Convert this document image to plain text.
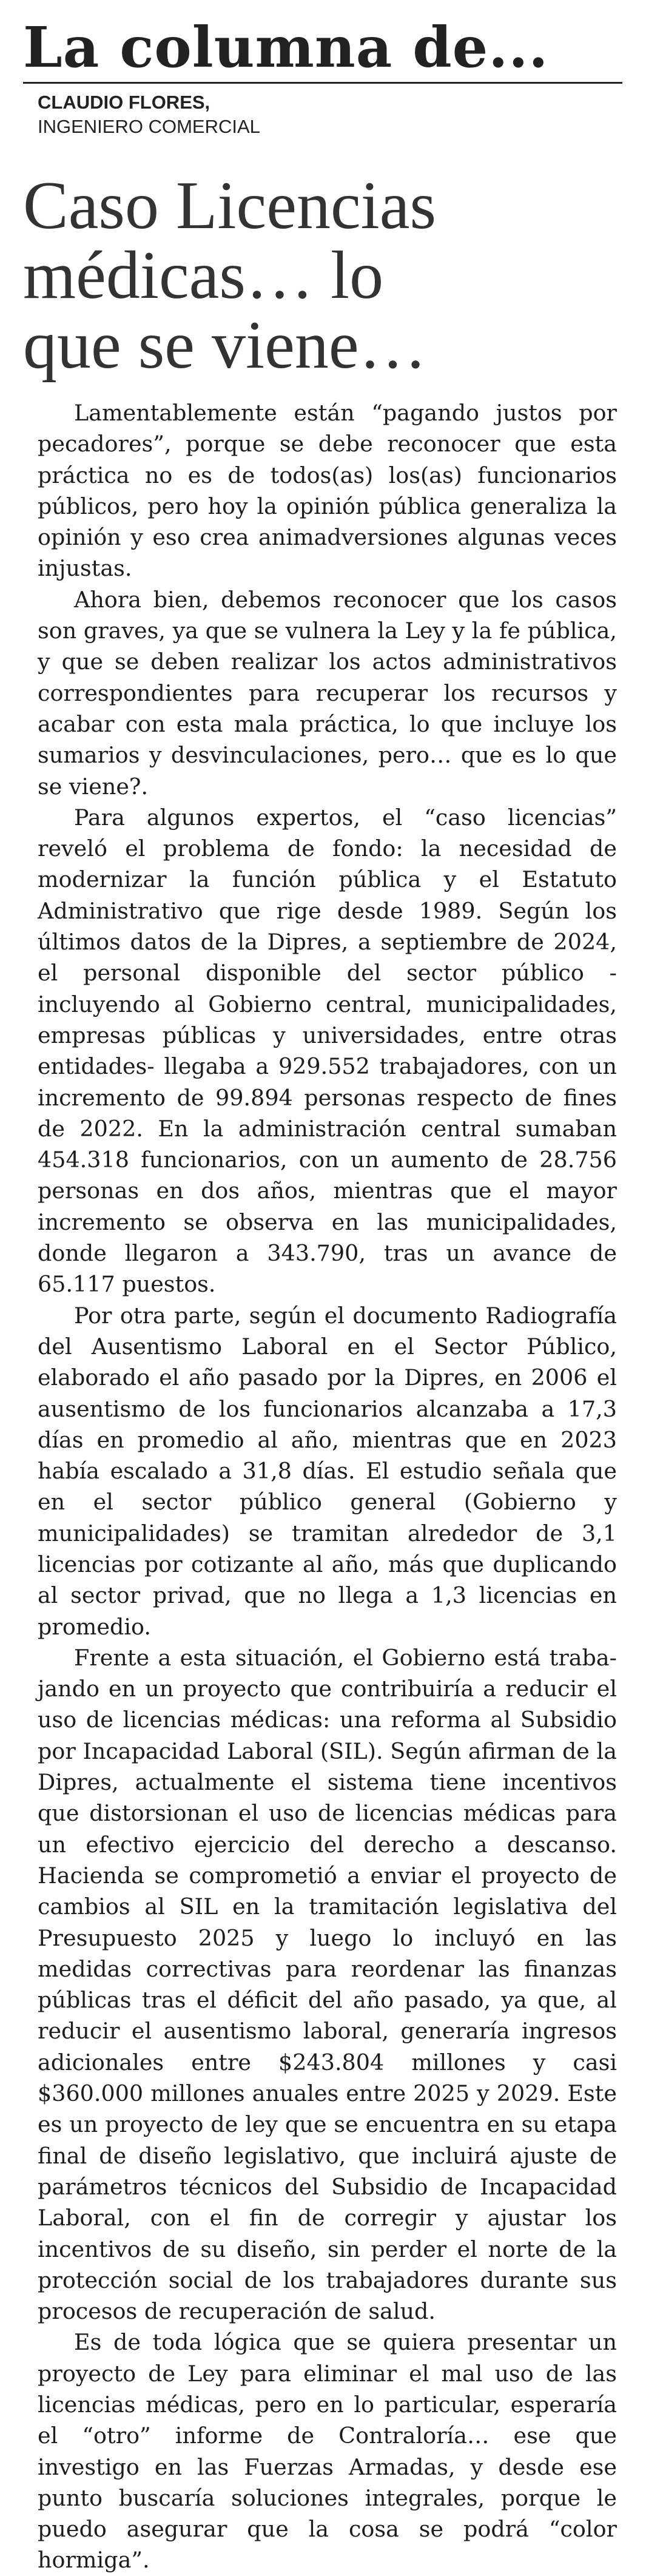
La columna de...
CLAUDIO FLORES,
INGENIERO COMERCIAL
Caso Licencias
médicas… lo
que se viene…

Lamentablemente están “pagando justos por pecadores”, porque se debe reconocer que esta práctica no es de todos(as) los(as) funcionarios públicos, pero hoy la opinión pública generaliza la opinión y eso crea animadversiones algunas veces injustas.

Ahora bien, debemos reconocer que los casos son graves, ya que se vulnera la Ley y la fe pública, y que se deben realizar los actos administrativos correspondientes para recuperar los recursos y acabar con esta mala práctica, lo que incluye los sumarios y desvinculaciones, pero… que es lo que se viene?.

Para algunos expertos, el “caso licencias” reveló el problema de fondo: la necesidad de modernizar la función pública y el Estatuto Administrativo que rige desde 1989. Según los últimos datos de la Dipres, a septiembre de 2024, el personal disponible del sector público -incluyendo al Gobierno central, municipalidades, empresas públicas y universidades, entre otras entidades- llegaba a 929.552 trabajadores, con un incremento de 99.894 personas respecto de fines de 2022. En la administración central sumaban 454.318 funcionarios, con un aumento de 28.756 personas en dos años, mientras que el mayor incremento se observa en las municipalidades, donde llegaron a 343.790, tras un avance de 65.117 puestos.

Por otra parte, según el documento Radiografía del Ausentismo Laboral en el Sector Público, elaborado el año pasado por la Dipres, en 2006 el ausentismo de los funcionarios alcanzaba a 17,3 días en promedio al año, mientras que en 2023 había escalado a 31,8 días. El estudio señala que en el sector público general (Gobierno y municipalidades) se tramitan alrededor de 3,1 licencias por cotizante al año, más que duplicando al sector privad, que no llega a 1,3 licencias en promedio.

Frente a esta situación, el Gobierno está trabajando en un proyecto que contribuiría a reducir el uso de licencias médicas: una reforma al Subsidio por Incapacidad Laboral (SIL). Según afirman de la Dipres, actualmente el sistema tiene incentivos que distorsionan el uso de licencias médicas para un efectivo ejercicio del derecho a descanso. Hacienda se comprometió a enviar el proyecto de cambios al SIL en la tramitación legislativa del Presupuesto 2025 y luego lo incluyó en las medidas correctivas para reordenar las finanzas públicas tras el déficit del año pasado, ya que, al reducir el ausentismo laboral, generaría ingresos adicionales entre $243.804 millones y casi $360.000 millones anuales entre 2025 y 2029. Este es un proyecto de ley que se encuentra en su etapa final de diseño legislativo, que incluirá ajuste de parámetros técnicos del Subsidio de Incapacidad Laboral, con el fin de corregir y ajustar los incentivos de su diseño, sin perder el norte de la protección social de los trabajadores durante sus procesos de recuperación de salud.

Es de toda lógica que se quiera presentar un proyecto de Ley para eliminar el mal uso de las licencias médicas, pero en lo particular, esperaría el “otro” informe de Contraloría… ese que investigo en las Fuerzas Armadas, y desde ese punto buscaría soluciones integrales, porque le puedo asegurar que la cosa se podrá “color hormiga”.
